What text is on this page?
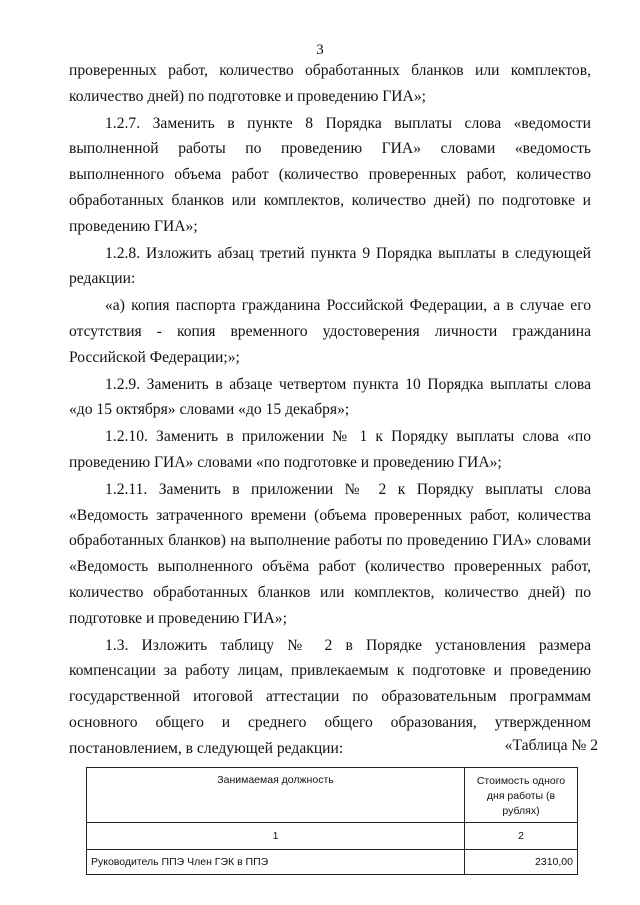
3

проверенных работ, количество обработанных бланков или комплектов, количество дней) по подготовке и проведению ГИА»;

1.2.7. Заменить в пункте 8 Порядка выплаты слова «ведомости выполненной работы по проведению ГИА» словами «ведомость выполненного объема работ (количество проверенных работ, количество обработанных бланков или комплектов, количество дней) по подготовке и проведению ГИА»;

1.2.8. Изложить абзац третий пункта 9 Порядка выплаты в следующей редакции:

«а) копия паспорта гражданина Российской Федерации, а в случае его отсутствия - копия временного удостоверения личности гражданина Российской Федерации;»;

1.2.9. Заменить в абзаце четвертом пункта 10 Порядка выплаты слова «до 15 октября» словами «до 15 декабря»;

1.2.10. Заменить в приложении № 1 к Порядку выплаты слова «по проведению ГИА» словами «по подготовке и проведению ГИА»;

1.2.11. Заменить в приложении № 2 к Порядку выплаты слова «Ведомость затраченного времени (объема проверенных работ, количества обработанных бланков) на выполнение работы по проведению ГИА» словами «Ведомость выполненного объёма работ (количество проверенных работ, количество обработанных бланков или комплектов, количество дней) по подготовке и проведению ГИА»;

1.3. Изложить таблицу № 2 в Порядке установления размера компенсации за работу лицам, привлекаемым к подготовке и проведению государственной итоговой аттестации по образовательным программам основного общего и среднего общего образования, утвержденном постановлением, в следующей редакции:	«Таблица № 2
Занимаемая должность	Стоимость одного дня работы (в рублях)
1	2
Руководитель ППЭ Член ГЭК в ППЭ	2310,00
